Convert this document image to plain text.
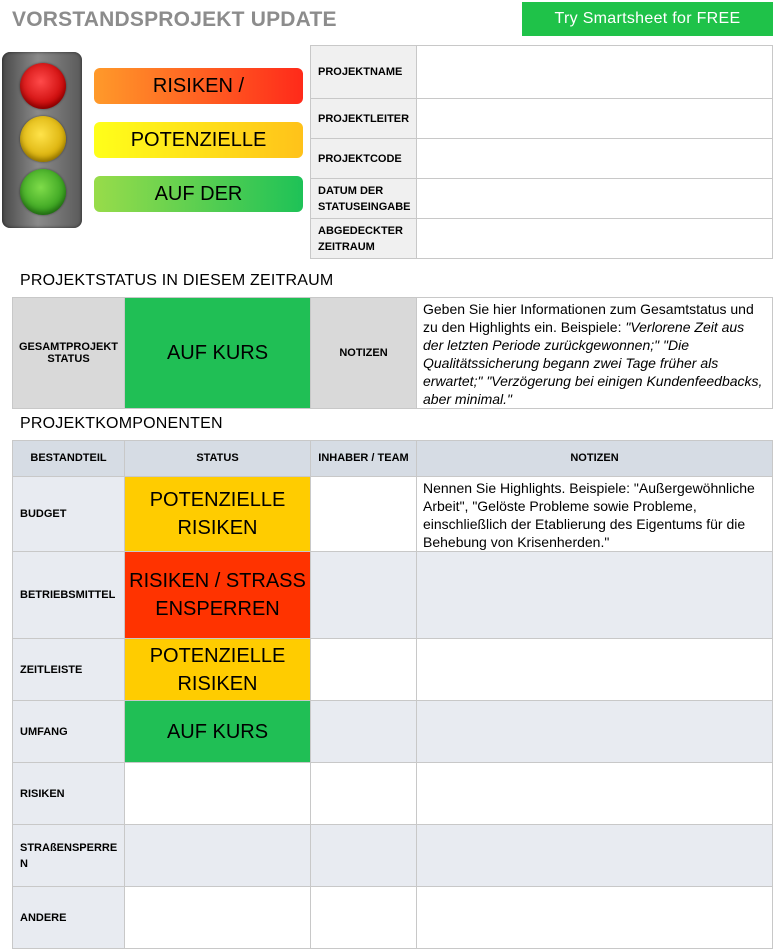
VORSTANDSPROJEKT UPDATE	Try Smartsheet for FREE
RISIKEN /
POTENZIELLE
AUF DER
PROJEKTNAME	
PROJEKTLEITER	
PROJEKTCODE	
DATUM DER STATUSEINGABE	
ABGEDECKTER ZEITRAUM	
PROJEKTSTATUS IN DIESEM ZEITRAUM
GESAMTPROJEKT STATUS	AUF KURS	NOTIZEN	Geben Sie hier Informationen zum Gesamtstatus und zu den Highlights ein. Beispiele: "Verlorene Zeit aus der letzten Periode zurückgewonnen;" "Die Qualitätssicherung begann zwei Tage früher als erwartet;" "Verzögerung bei einigen Kundenfeedbacks, aber minimal."
PROJEKTKOMPONENTEN
BESTANDTEIL	STATUS	INHABER / TEAM	NOTIZEN
BUDGET	POTENZIELLE RISIKEN		Nennen Sie Highlights. Beispiele: "Außergewöhnliche Arbeit", "Gelöste Probleme sowie Probleme, einschließlich der Etablierung des Eigentums für die Behebung von Krisenherden."
BETRIEBSMITTEL	RISIKEN / STRASSENSPERREN		
ZEITLEISTE	POTENZIELLE RISIKEN		
UMFANG	AUF KURS		
RISIKEN			
STRAßENSPERREN			
ANDERE			
